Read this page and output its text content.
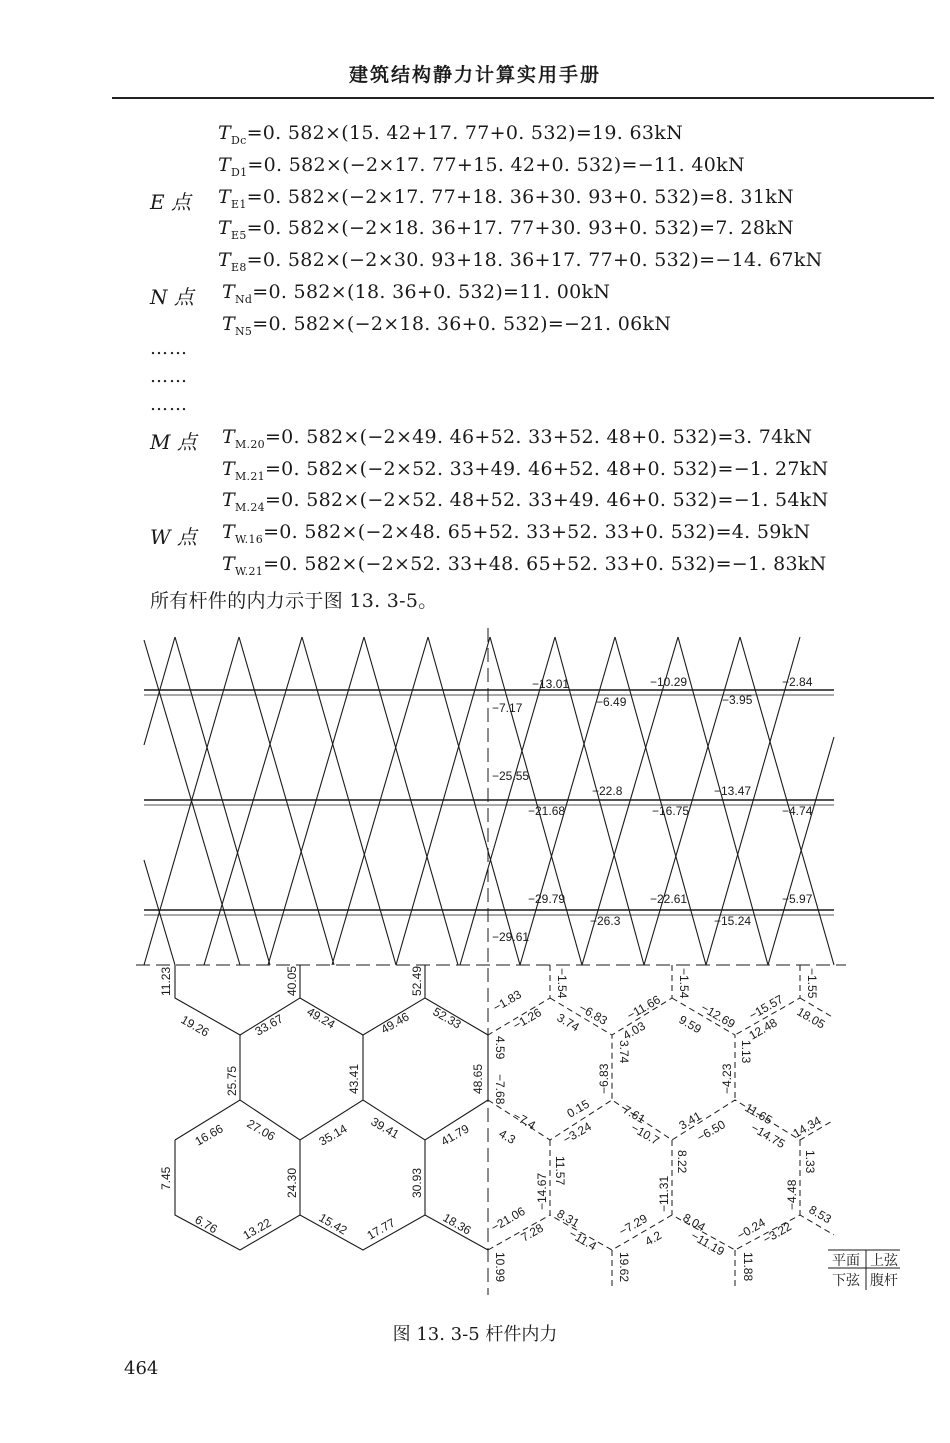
建筑结构静力计算实用手册
$T_{Dc}=0$. 582×(15. 42+17. 77+0. 532)=19. 63kN
$T_{D1}=0$. 582×(−2×17. 77+15. 42+0. 532)=−11. 40kN
E 点 $T_{E1}=0$. 582×(−2×17. 77+18. 36+30. 93+0. 532)=8. 31kN
$T_{E5}=0$. 582×(−2×18. 36+17. 77+30. 93+0. 532)=7. 28kN
$T_{E8}=0$. 582×(−2×30. 93+18. 36+17. 77+0. 532)=−14. 67kN
N 点 $T_{Nd}=0$. 582×(18. 36+0. 532)=11. 00kN
$T_{N5}=0$. 582×(−2×18. 36+0. 532)=−21. 06kN
……
……
……
M 点 $T_{M.20}=0$. 582×(−2×49. 46+52. 33+52. 48+0. 532)=3. 74kN
$T_{M.21}=0$. 582×(−2×52. 33+49. 46+52. 48+0. 532)=−1. 27kN
$T_{M.24}=0$. 582×(−2×52. 48+52. 33+49. 46+0. 532)=−1. 54kN
W 点 $T_{W.16}=0$. 582×(−2×48. 65+52. 33+52. 33+0. 532)=4. 59kN
$T_{W.21}=0$. 582×(−2×52. 33+48. 65+52. 33+0. 532)=−1. 83kN
所有杆件的内力示于图 13. 3-5。
−13.01	−10.29	−2.84
−7.17	−6.49	−3.95
−25.55
−22.8	−13.47
−21.68	−16.75	−4.74
−29.79	−22.61	−5.97
−26.3	−15.24
−29.61
11.23	40.05	52.49
19.26	33.67 49.24	49.46 52.33
25.75	43.41	48.65
16.66 27.06	35.14 39.41	41.79
7.45	24.30	30.93
6.76 13.22	15.42 17.77	18.36
−1.54	−1.54	−1.55
−1.83
−1.26	−6.83
3.74	−11.66
4.03	−12.69
9.59
−15.57
12.48 18.05
4.59
−7.68	−6.83
3.74	1.13
−4.23
−7.4
4.3
0.15
−3.24
7.61
−10.7 3.41
−6.50
11.65
−14.75 14.34
11.57
−14.67
8.22
−11.31
1.33
−4.48
−21.06 8.31
7.28 −11.4
−7.29
4.2
8.04
−11.19 −0.24
−3.22
8.53
10.99	19.62	11.88	平面 上弦
下弦 腹杆
图 13. 3-5 杆件内力
464
